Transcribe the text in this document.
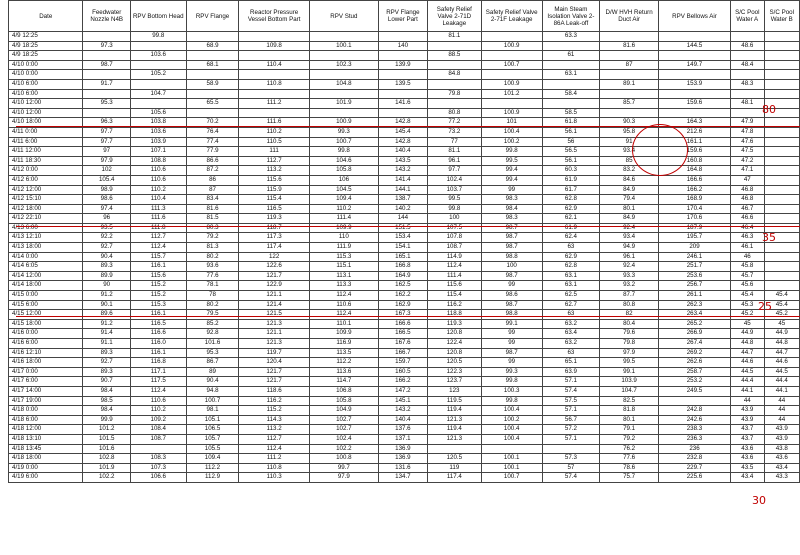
Date	Feedwater Nozzle N4B	RPV Bottom Head	RPV Flange	Reactor Pressure Vessel Bottom Part	RPV Stud	RPV Flange Lower Part	Safety Relief Valve 2-71D Leakage	Safety Relief Valve 2-71F Leakage	Main Steam Isolation Valve 2-86A Leak-off	D/W HVH Return Duct Air	RPV Bellows Air	S/C Pool Water A	S/C Pool Water B
4/9 12:25		99.8					81.1		63.3				
4/9 18:25	97.3		68.9	109.8	100.1	140		100.9		81.6	144.5	48.6	
4/9 18:25		103.6					88.5		61				
4/10 0:00	98.7		68.1	110.4	102.3	139.9		100.7		87	149.7	48.4	
4/10 0:00		105.2					84.8		63.1				
4/10 6:00	91.7		58.9	110.8	104.8	139.5		100.9		89.1	153.9	48.3	
4/10 6:00		104.7					79.8	101.2	58.4				
4/10 12:00	95.3		65.5	111.2	101.9	141.6				85.7	159.6	48.1	
4/10 12:00		105.6					80.8	100.9	58.5				
4/10 18:00	96.3	103.8	70.2	111.6	100.9	142.8	77.2	101	61.8	90.3	164.3	47.9	
4/11 0:00	97.7	103.6	76.4	110.2	99.3	145.4	73.2	100.4	56.1	95.8	212.6	47.8	
4/11 6:00	97.7	103.9	77.4	110.5	100.7	142.8	77	100.2	56	91	161.1	47.6	
4/11 12:00	97	107.1	77.9	111	99.8	140.4	81.1	99.8	56.5	93.4	159.6	47.5	
4/11 18:30	97.9	108.8	86.6	112.7	104.6	143.5	96.1	99.5	56.1	85	160.8	47.2	
4/12 0:00	102	110.6	87.2	113.2	105.8	143.2	97.7	99.4	60.3	83.2	164.8	47.1	
4/12 6:00	105.4	110.6	86	115.6	106	141.4	102.4	99.4	61.9	84.6	166.6	47	
4/12 12:00	98.9	110.2	87	115.9	104.5	144.1	103.7	99	61.7	84.9	166.2	46.8	
4/12 15:10	98.6	110.4	83.4	115.4	109.4	138.7	99.5	98.3	62.8	79.4	168.9	46.8	
4/12 18:00	97.4	111.3	81.6	116.5	110.2	140.2	99.8	98.4	62.9	80.1	170.4	46.7	
4/12 22:10	96	111.6	81.5	119.3	111.4	144	100	98.3	62.1	84.9	170.6	46.6	
4/13 6:00	93.5	111.8	80.3	118.7	109.9	151.5	107.5	98.7	61.9	92.4	187.9	46.4	
4/13 12:10	92.2	112.7	79.2	117.3	110	153.4	107.8	98.7	62.4	93.4	195.7	46.3	
4/13 18:00	92.7	112.4	81.3	117.4	111.9	154.1	108.7	98.7	63	94.9	209	46.1	
4/14 0:00	90.4	115.7	80.2	122	115.3	165.1	114.9	98.8	62.9	96.1	246.1	46	
4/14 6:05	89.3	116.1	93.6	122.6	115.1	166.8	112.4	100	62.8	92.4	251.7	45.8	
4/14 12:00	89.9	115.6	77.6	121.7	113.1	164.9	111.4	98.7	63.1	93.3	253.6	45.7	
4/14 18:00	90	115.2	78.1	122.9	113.3	162.5	115.6	99	63.1	93.2	256.7	45.6	
4/15 0:00	91.2	115.2	78	121.1	112.4	162.2	115.4	98.6	62.5	87.7	261.1	45.4	45.4
4/15 6:00	90.1	115.3	80.2	121.4	110.6	162.9	116.2	98.7	62.7	80.8	262.3	45.3	45.4
4/15 12:00	89.6	116.1	79.5	121.5	112.4	167.3	118.8	98.8	63	82	263.4	45.2	45.2
4/15 18:00	91.2	116.5	85.2	121.3	110.1	166.6	119.3	99.1	63.2	80.4	265.2	45	45
4/16 0:00	91.4	116.6	92.8	121.1	109.9	166.5	120.8	99	63.4	79.6	266.9	44.9	44.9
4/16 6:00	91.1	116.0	101.6	121.3	116.9	167.6	122.4	99	63.2	79.8	267.4	44.8	44.8
4/16 12:10	89.3	116.1	95.3	119.7	113.5	166.7	120.8	98.7	63	97.9	269.2	44.7	44.7
4/16 18:00	92.7	116.8	86.7	120.4	112.2	159.7	120.5	99	65.1	99.5	262.6	44.6	44.6
4/17 0:00	89.3	117.1	89	121.7	113.6	160.5	122.3	99.3	63.9	99.1	258.7	44.5	44.5
4/17 6:00	90.7	117.5	90.4	121.7	114.7	166.2	123.7	99.8	57.1	103.9	253.2	44.4	44.4
4/17 14:00	98.4	112.4	94.8	118.6	106.8	147.2	123	100.3	57.4	104.7	249.5	44.1	44.1
4/17 19:00	98.5	110.6	100.7	116.2	105.8	145.1	119.5	99.8	57.5	82.5		44	44
4/18 0:00	98.4	110.2	98.1	115.2	104.9	143.2	119.4	100.4	57.1	81.8	242.8	43.9	44
4/18 6:00	99.9	109.2	105.1	114.3	102.7	140.4	121.3	100.2	56.7	80.1	242.6	43.9	44
4/18 12:00	101.2	108.4	106.5	113.2	102.7	137.6	119.4	100.4	57.2	79.1	238.3	43.7	43.9
4/18 13:10	101.5	108.7	105.7	112.7	102.4	137.1	121.3	100.4	57.1	79.2	236.3	43.7	43.9
4/18 13:45	101.6		105.5	112.4	102.2	136.9				76.2	236	43.6	43.8
4/18 18:00	102.8	108.3	109.4	111.2	100.8	136.9	120.5	100.1	57.3	77.6	232.8	43.6	43.6
4/19 0:00	101.9	107.3	112.2	110.8	99.7	131.6	119	100.1	57	78.6	229.7	43.5	43.4
4/19 6:00	102.2	106.6	112.9	110.3	97.9	134.7	117.4	100.7	57.4	75.7	225.6	43.4	43.3
80
35
25
30
